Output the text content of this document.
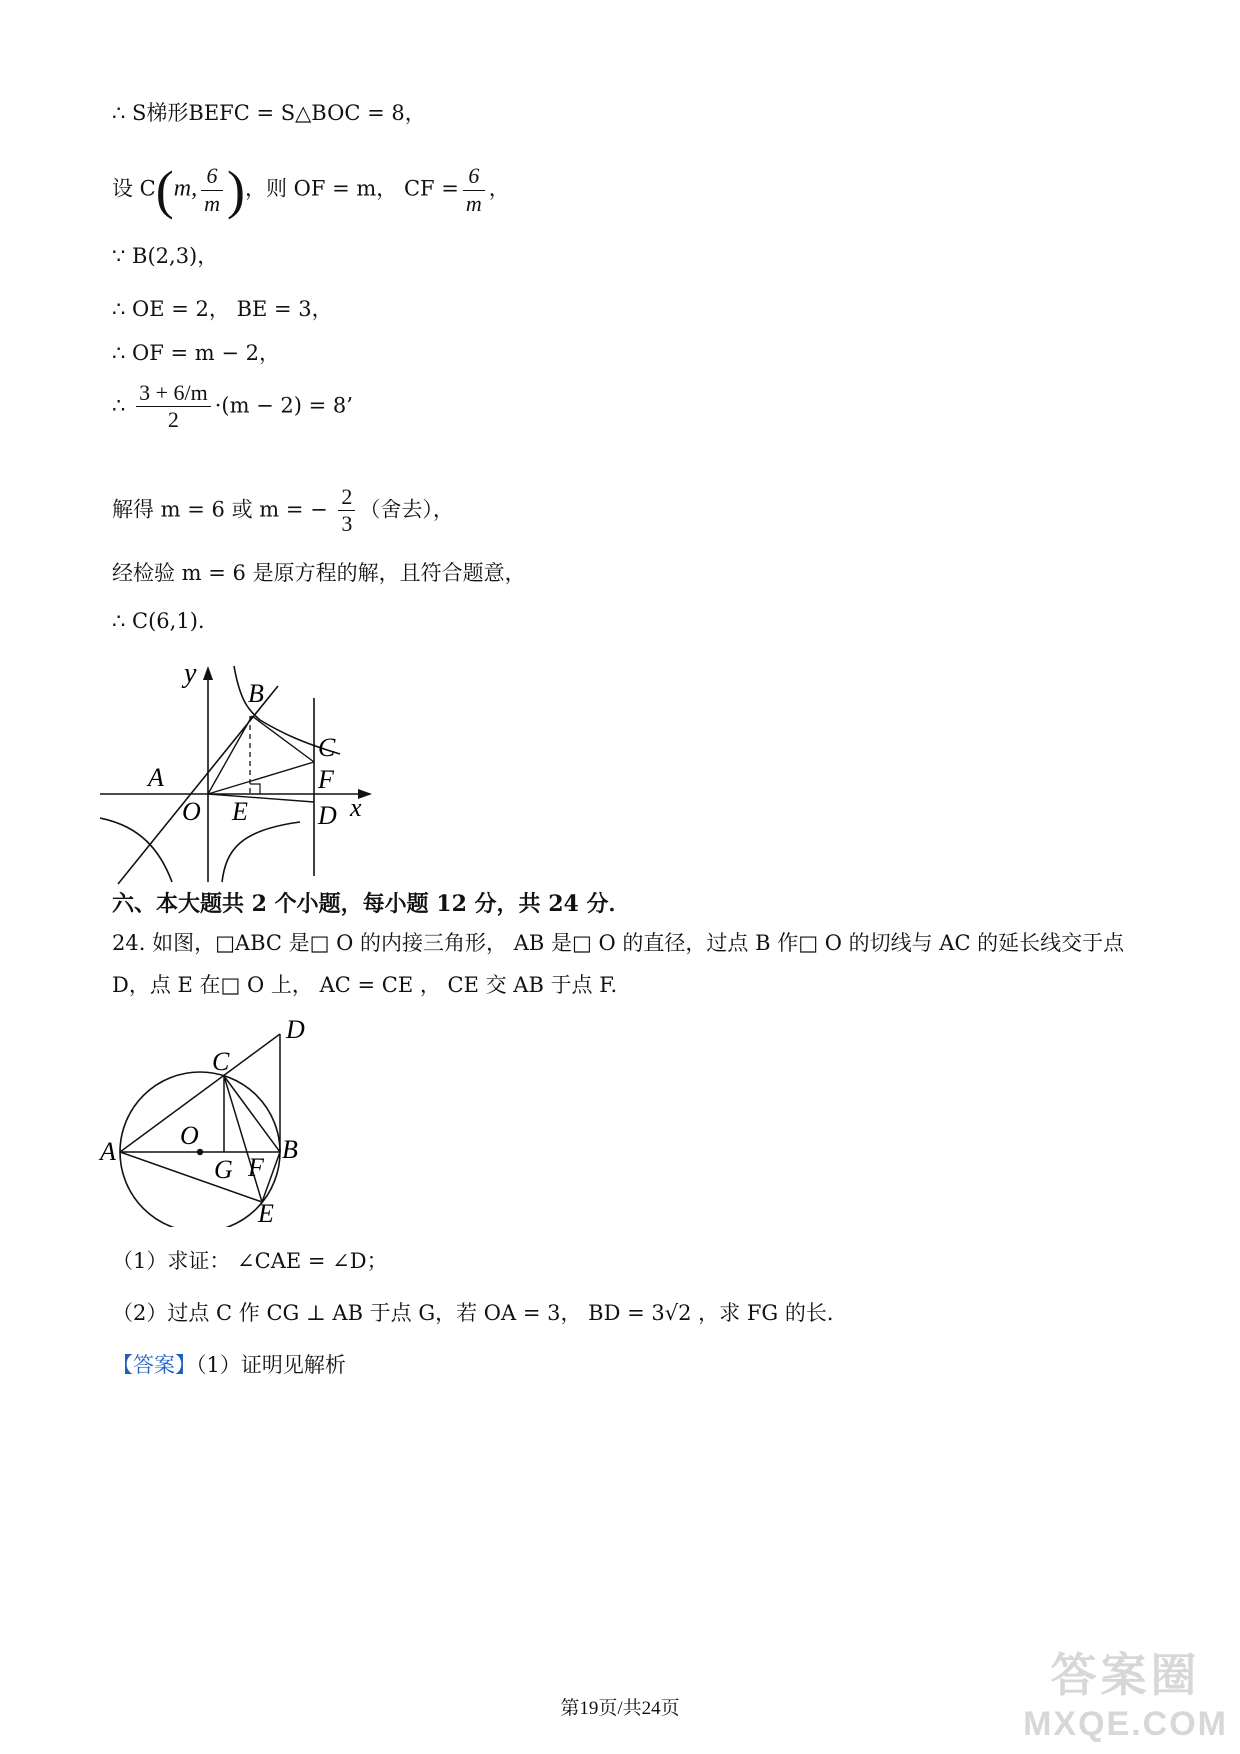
∴ S梯形BEFC = S△BOC = 8，
设 C(m, $\frac{6}{m}$ )，则 OF = m， CF = $\frac{6}{m}$ ，
∵ B(2,3)，
∴ OE = 2， BE = 3，
∴ OF = m − 2，
∴ $\frac{3 + 6/m}{2} \cdot(m - 2) = 8$’
解得 m = 6 或 m = − $\frac{2}{3}$ （舍去），
经检验 m = 6 是原方程的解，且符合题意，
∴ C(6,1).
y
B
C
A	F
O E	D x
六、本大题共 2 个小题，每小题 12 分，共 24 分．
24. 如图，□ABC 是□ O 的内接三角形， AB 是□ O 的直径，过点 B 作□ O 的切线与 AC 的延长线交于点
D，点 E 在□ O 上， AC = CE ， CE 交 AB 于点 F.
D
C
O
A	B
G F
E
（1）求证： ∠CAE = ∠D；
（2）过点 C 作 CG ⊥ AB 于点 G，若 OA = 3， BD = 3√2 ，求 FG 的长．
【答案】（1）证明见解析
第19页/共24页
答案圈
MXQE.COM
